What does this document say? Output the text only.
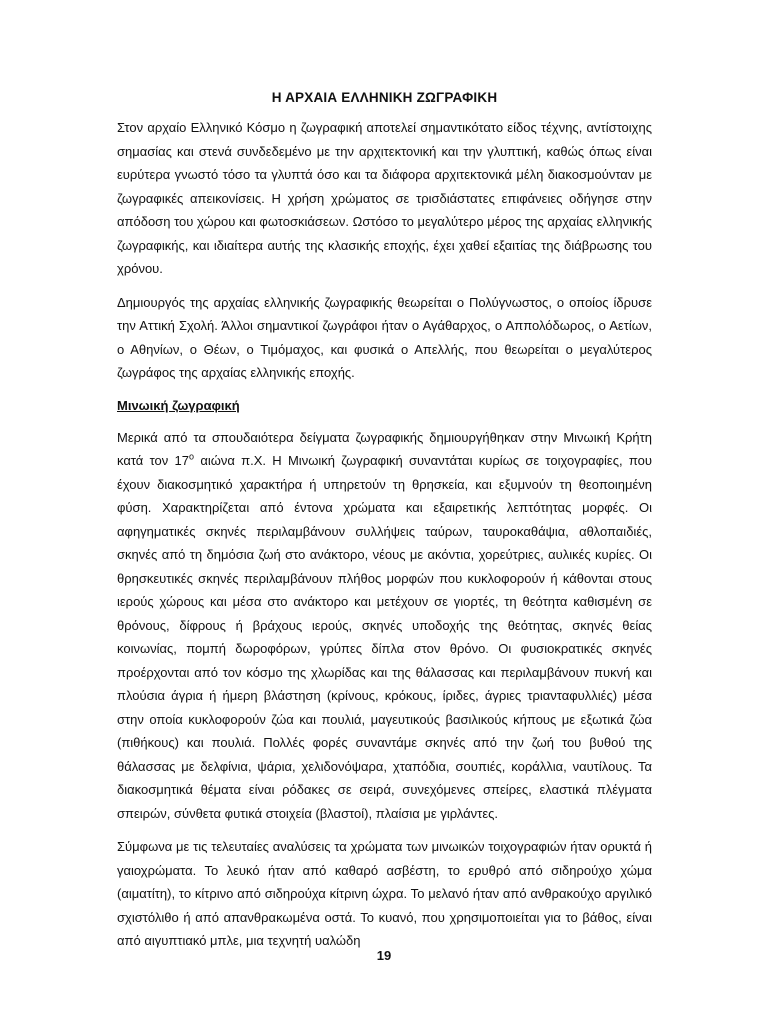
Η ΑΡΧΑΙΑ ΕΛΛΗΝΙΚΗ ΖΩΓΡΑΦΙΚΗ

Στον αρχαίο Ελληνικό Κόσμο η ζωγραφική αποτελεί σημαντικότατο είδος τέχνης, αντίστοιχης σημασίας και στενά συνδεδεμένο με την αρχιτεκτονική και την γλυπτική, καθώς όπως είναι ευρύτερα γνωστό τόσο τα γλυπτά όσο και τα διάφορα αρχιτεκτονικά μέλη διακοσμούνταν με ζωγραφικές απεικονίσεις. Η χρήση χρώματος σε τρισδιάστατες επιφάνειες οδήγησε στην απόδοση του χώρου και φωτοσκιάσεων. Ωστόσο το μεγαλύτερο μέρος της αρχαίας ελληνικής ζωγραφικής, και ιδιαίτερα αυτής της κλασικής εποχής, έχει χαθεί εξαιτίας της διάβρωσης του χρόνου.

Δημιουργός της αρχαίας ελληνικής ζωγραφικής θεωρείται ο Πολύγνωστος, ο οποίος ίδρυσε την Αττική Σχολή. Άλλοι σημαντικοί ζωγράφοι ήταν ο Αγάθαρχος, ο Αππολόδωρος, ο Αετίων, ο Αθηνίων, ο Θέων, ο Τιμόμαχος, και φυσικά ο Απελλής, που θεωρείται ο μεγαλύτερος ζωγράφος της αρχαίας ελληνικής εποχής.

Μινωική ζωγραφική

Μερικά από τα σπουδαιότερα δείγματα ζωγραφικής δημιουργήθηκαν στην Μινωική Κρήτη κατά τον $17^o$ αιώνα π.Χ. Η Μινωική ζωγραφική συναντάται κυρίως σε τοιχογραφίες, που έχουν διακοσμητικό χαρακτήρα ή υπηρετούν τη θρησκεία, και εξυμνούν τη θεοποιημένη φύση. Χαρακτηρίζεται από έντονα χρώματα και εξαιρετικής λεπτότητας μορφές. Οι αφηγηματικές σκηνές περιλαμβάνουν συλλήψεις ταύρων, ταυροκαθάψια, αθλοπαιδιές, σκηνές από τη δημόσια ζωή στο ανάκτορο, νέους με ακόντια, χορεύτριες, αυλικές κυρίες. Οι θρησκευτικές σκηνές περιλαμβάνουν πλήθος μορφών που κυκλοφορούν ή κάθονται στους ιερούς χώρους και μέσα στο ανάκτορο και μετέχουν σε γιορτές, τη θεότητα καθισμένη σε θρόνους, δίφρους ή βράχους ιερούς, σκηνές υποδοχής της θεότητας, σκηνές θείας κοινωνίας, πομπή δωροφόρων, γρύπες δίπλα στον θρόνο. Οι φυσιοκρατικές σκηνές προέρχονται από τον κόσμο της χλωρίδας και της θάλασσας και περιλαμβάνουν πυκνή και πλούσια άγρια ή ήμερη βλάστηση (κρίνους, κρόκους, ίριδες, άγριες τριανταφυλλιές) μέσα στην οποία κυκλοφορούν ζώα και πουλιά, μαγευτικούς βασιλικούς κήπους με εξωτικά ζώα (πιθήκους) και πουλιά. Πολλές φορές συναντάμε σκηνές από την ζωή του βυθού της θάλασσας με δελφίνια, ψάρια, χελιδονόψαρα, χταπόδια, σουπιές, κοράλλια, ναυτίλους. Τα διακοσμητικά θέματα είναι ρόδακες σε σειρά, συνεχόμενες σπείρες, ελαστικά πλέγματα σπειρών, σύνθετα φυτικά στοιχεία (βλαστοί), πλαίσια με γιρλάντες.

Σύμφωνα με τις τελευταίες αναλύσεις τα χρώματα των μινωικών τοιχογραφιών ήταν ορυκτά ή γαιοχρώματα. Το λευκό ήταν από καθαρό ασβέστη, το ερυθρό από σιδηρούχο χώμα (αιματίτη), το κίτρινο από σιδηρούχα κίτρινη ώχρα. Το μελανό ήταν από ανθρακούχο αργιλικό σχιστόλιθο ή από απανθρακωμένα οστά. Το κυανό, που χρησιμοποιείται για το βάθος, είναι από αιγυπτιακό μπλε, μια τεχνητή υαλώδη

19
